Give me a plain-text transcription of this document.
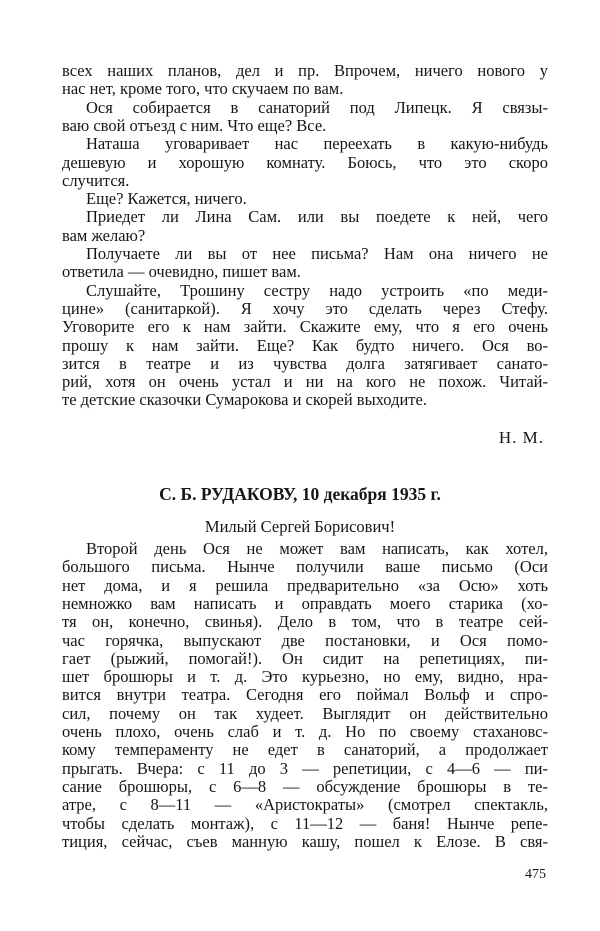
Н. М.
С. Б. РУДАКОВУ, 10 декабря 1935 г.
Милый Сергей Борисович!
475
всех наших планов, дел и пр. Впрочем, ничего нового у
нас нет, кроме того, что скучаем по вам.
Ося собирается в санаторий под Липецк. Я связы-
ваю свой отъезд с ним. Что еще? Все.
Наташа уговаривает нас переехать в какую-нибудь
дешевую и хорошую комнату. Боюсь, что это скоро
случится.
Еще? Кажется, ничего.
Приедет ли Лина Сам. или вы поедете к ней, чего
вам желаю?
Получаете ли вы от нее письма? Нам она ничего не
ответила — очевидно, пишет вам.
Слушайте, Трошину сестру надо устроить «по меди-
цине» (санитаркой). Я хочу это сделать через Стефу.
Уговорите его к нам зайти. Скажите ему, что я его очень
прошу к нам зайти. Еще? Как будто ничего. Ося во-
зится в театре и из чувства долга затягивает санато-
рий, хотя он очень устал и ни на кого не похож. Читай-
те детские сказочки Сумарокова и скорей выходите.
Второй день Ося не может вам написать, как хотел,
большого письма. Нынче получили ваше письмо (Оси
нет дома, и я решила предварительно «за Осю» хоть
немножко вам написать и оправдать моего старика (хо-
тя он, конечно, свинья). Дело в том, что в театре сей-
час горячка, выпускают две постановки, и Ося помо-
гает (рыжий, помогай!). Он сидит на репетициях, пи-
шет брошюры и т. д. Это курьезно, но ему, видно, нра-
вится внутри театра. Сегодня его поймал Вольф и спро-
сил, почему он так худеет. Выглядит он действительно
очень плохо, очень слаб и т. д. Но по своему стахановс-
кому темпераменту не едет в санаторий, а продолжает
прыгать. Вчера: с 11 до 3 — репетиции, с 4—6 — пи-
сание брошюры, с 6—8 — обсуждение брошюры в те-
атре, с 8—11 — «Аристократы» (смотрел спектакль,
чтобы сделать монтаж), с 11—12 — баня! Нынче репе-
тиция, сейчас, съев манную кашу, пошел к Елозе. В свя-
